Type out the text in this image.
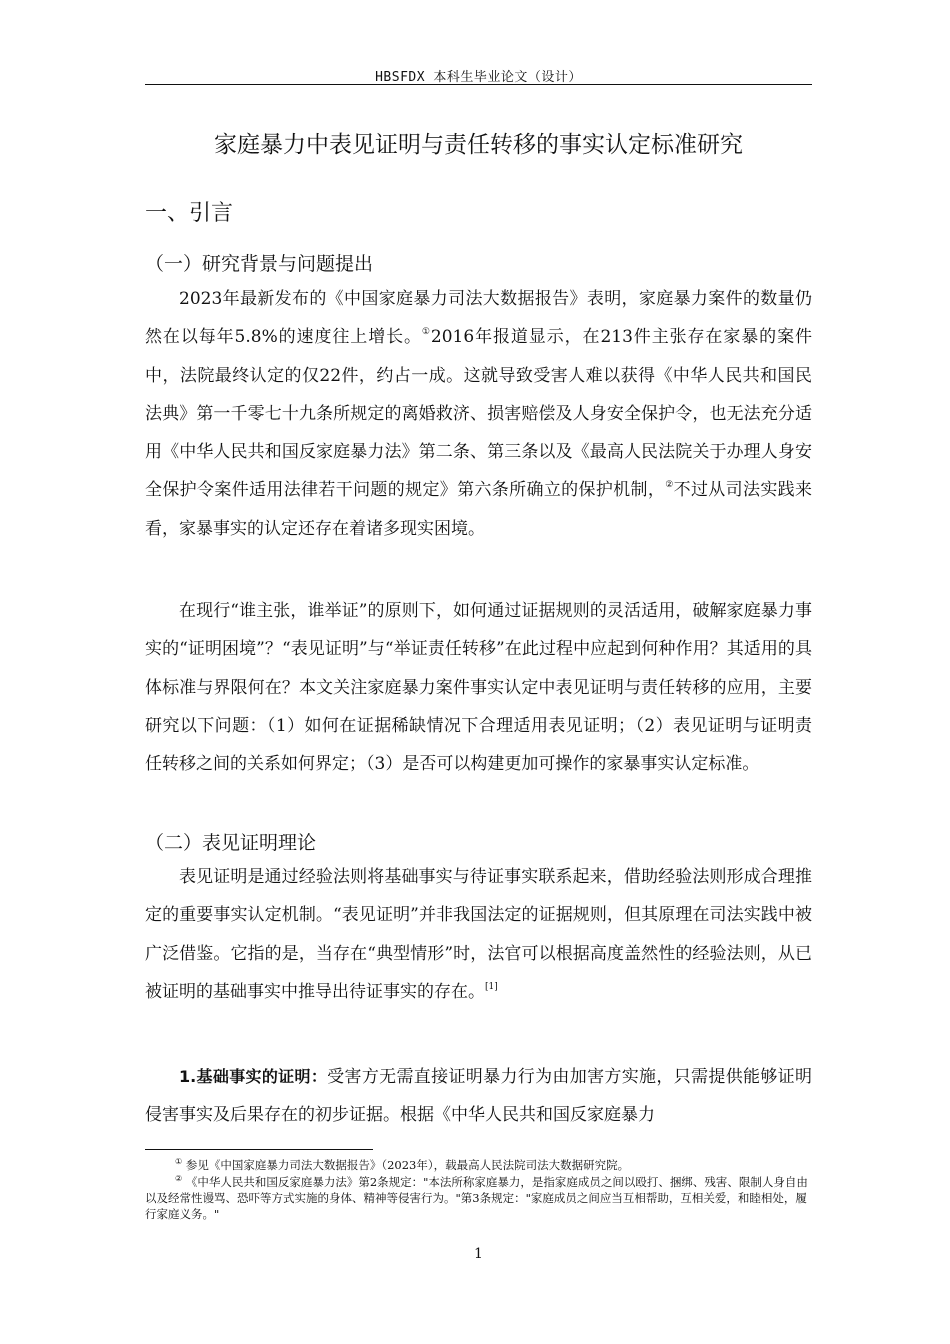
HBSFDX 本科生毕业论文（设计）
家庭暴力中表见证明与责任转移的事实认定标准研究
一、引言
（一）研究背景与问题提出

2023年最新发布的《中国家庭暴力司法大数据报告》表明，家庭暴力案件的数量仍然在以每年5.8%的速度往上增长。①2016年报道显示，在213件主张存在家暴的案件中，法院最终认定的仅22件，约占一成。这就导致受害人难以获得《中华人民共和国民法典》第一千零七十九条所规定的离婚救济、损害赔偿及人身安全保护令，也无法充分适用《中华人民共和国反家庭暴力法》第二条、第三条以及《最高人民法院关于办理人身安全保护令案件适用法律若干问题的规定》第六条所确立的保护机制，②不过从司法实践来看，家暴事实的认定还存在着诸多现实困境。

在现行“谁主张，谁举证”的原则下，如何通过证据规则的灵活适用，破解家庭暴力事实的“证明困境”？“表见证明”与“举证责任转移”在此过程中应起到何种作用？其适用的具体标准与界限何在？本文关注家庭暴力案件事实认定中表见证明与责任转移的应用，主要研究以下问题：（1）如何在证据稀缺情况下合理适用表见证明；（2）表见证明与证明责任转移之间的关系如何界定；（3）是否可以构建更加可操作的家暴事实认定标准。

（二）表见证明理论

表见证明是通过经验法则将基础事实与待证事实联系起来，借助经验法则形成合理推定的重要事实认定机制。“表见证明”并非我国法定的证据规则，但其原理在司法实践中被广泛借鉴。它指的是，当存在“典型情形”时，法官可以根据高度盖然性的经验法则，从已被证明的基础事实中推导出待证事实的存在。[1]

1.基础事实的证明：受害方无需直接证明暴力行为由加害方实施，只需提供能够证明侵害事实及后果存在的初步证据。根据《中华人民共和国反家庭暴力

① 参见《中国家庭暴力司法大数据报告》（2023年），载最高人民法院司法大数据研究院。

② 《中华人民共和国反家庭暴力法》第2条规定："本法所称家庭暴力，是指家庭成员之间以殴打、捆绑、残害、限制人身自由以及经常性谩骂、恐吓等方式实施的身体、精神等侵害行为。"第3条规定："家庭成员之间应当互相帮助，互相关爱，和睦相处，履行家庭义务。"

1
